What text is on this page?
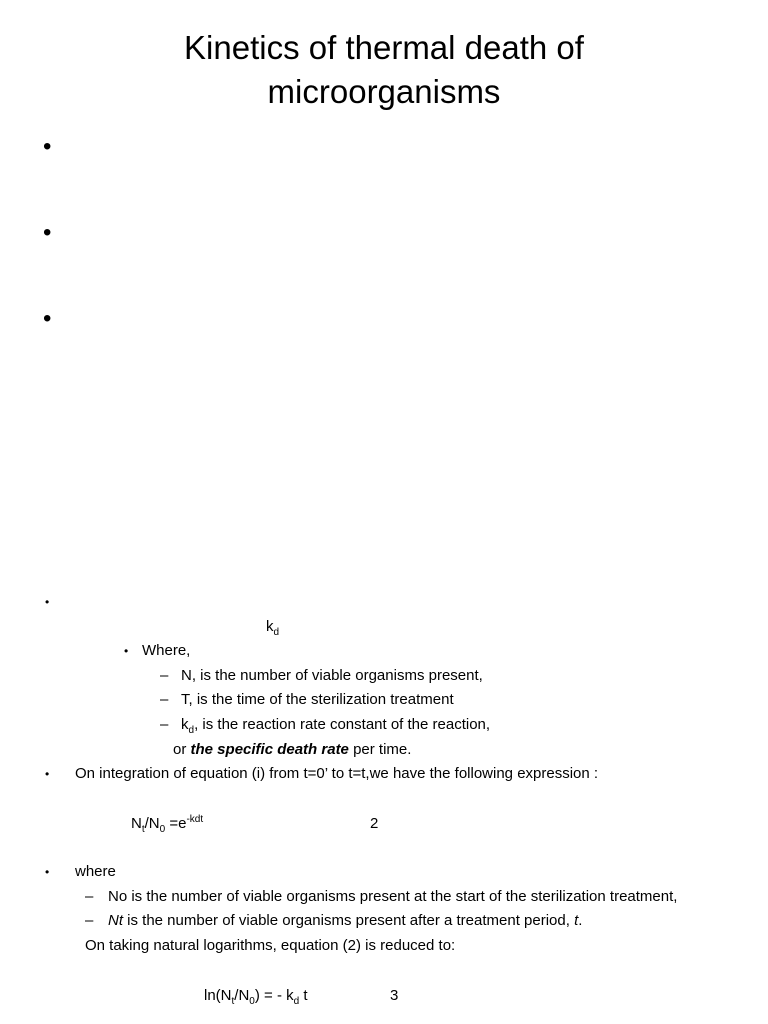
Kinetics of thermal death of
microorganisms
•
•
•
•
$k_d$
• Where,
– N, is the number of viable organisms present,
– T, is the time of the sterilization treatment
– $k_d$, is the reaction rate constant of the reaction,
or the specific death rate per time.
• On integration of equation (i) from t=0’ to t=t,we have the following expression :
$N_t/N_0 =e^{-kdt}$	2
• where
– No is the number of viable organisms present at the start of the sterilization treatment,
– Nt is the number of viable organisms present after a treatment period, t.
On taking natural logarithms, equation (2) is reduced to:
$\ln(N_t/N_0)$ = - $k_d$ t	3
